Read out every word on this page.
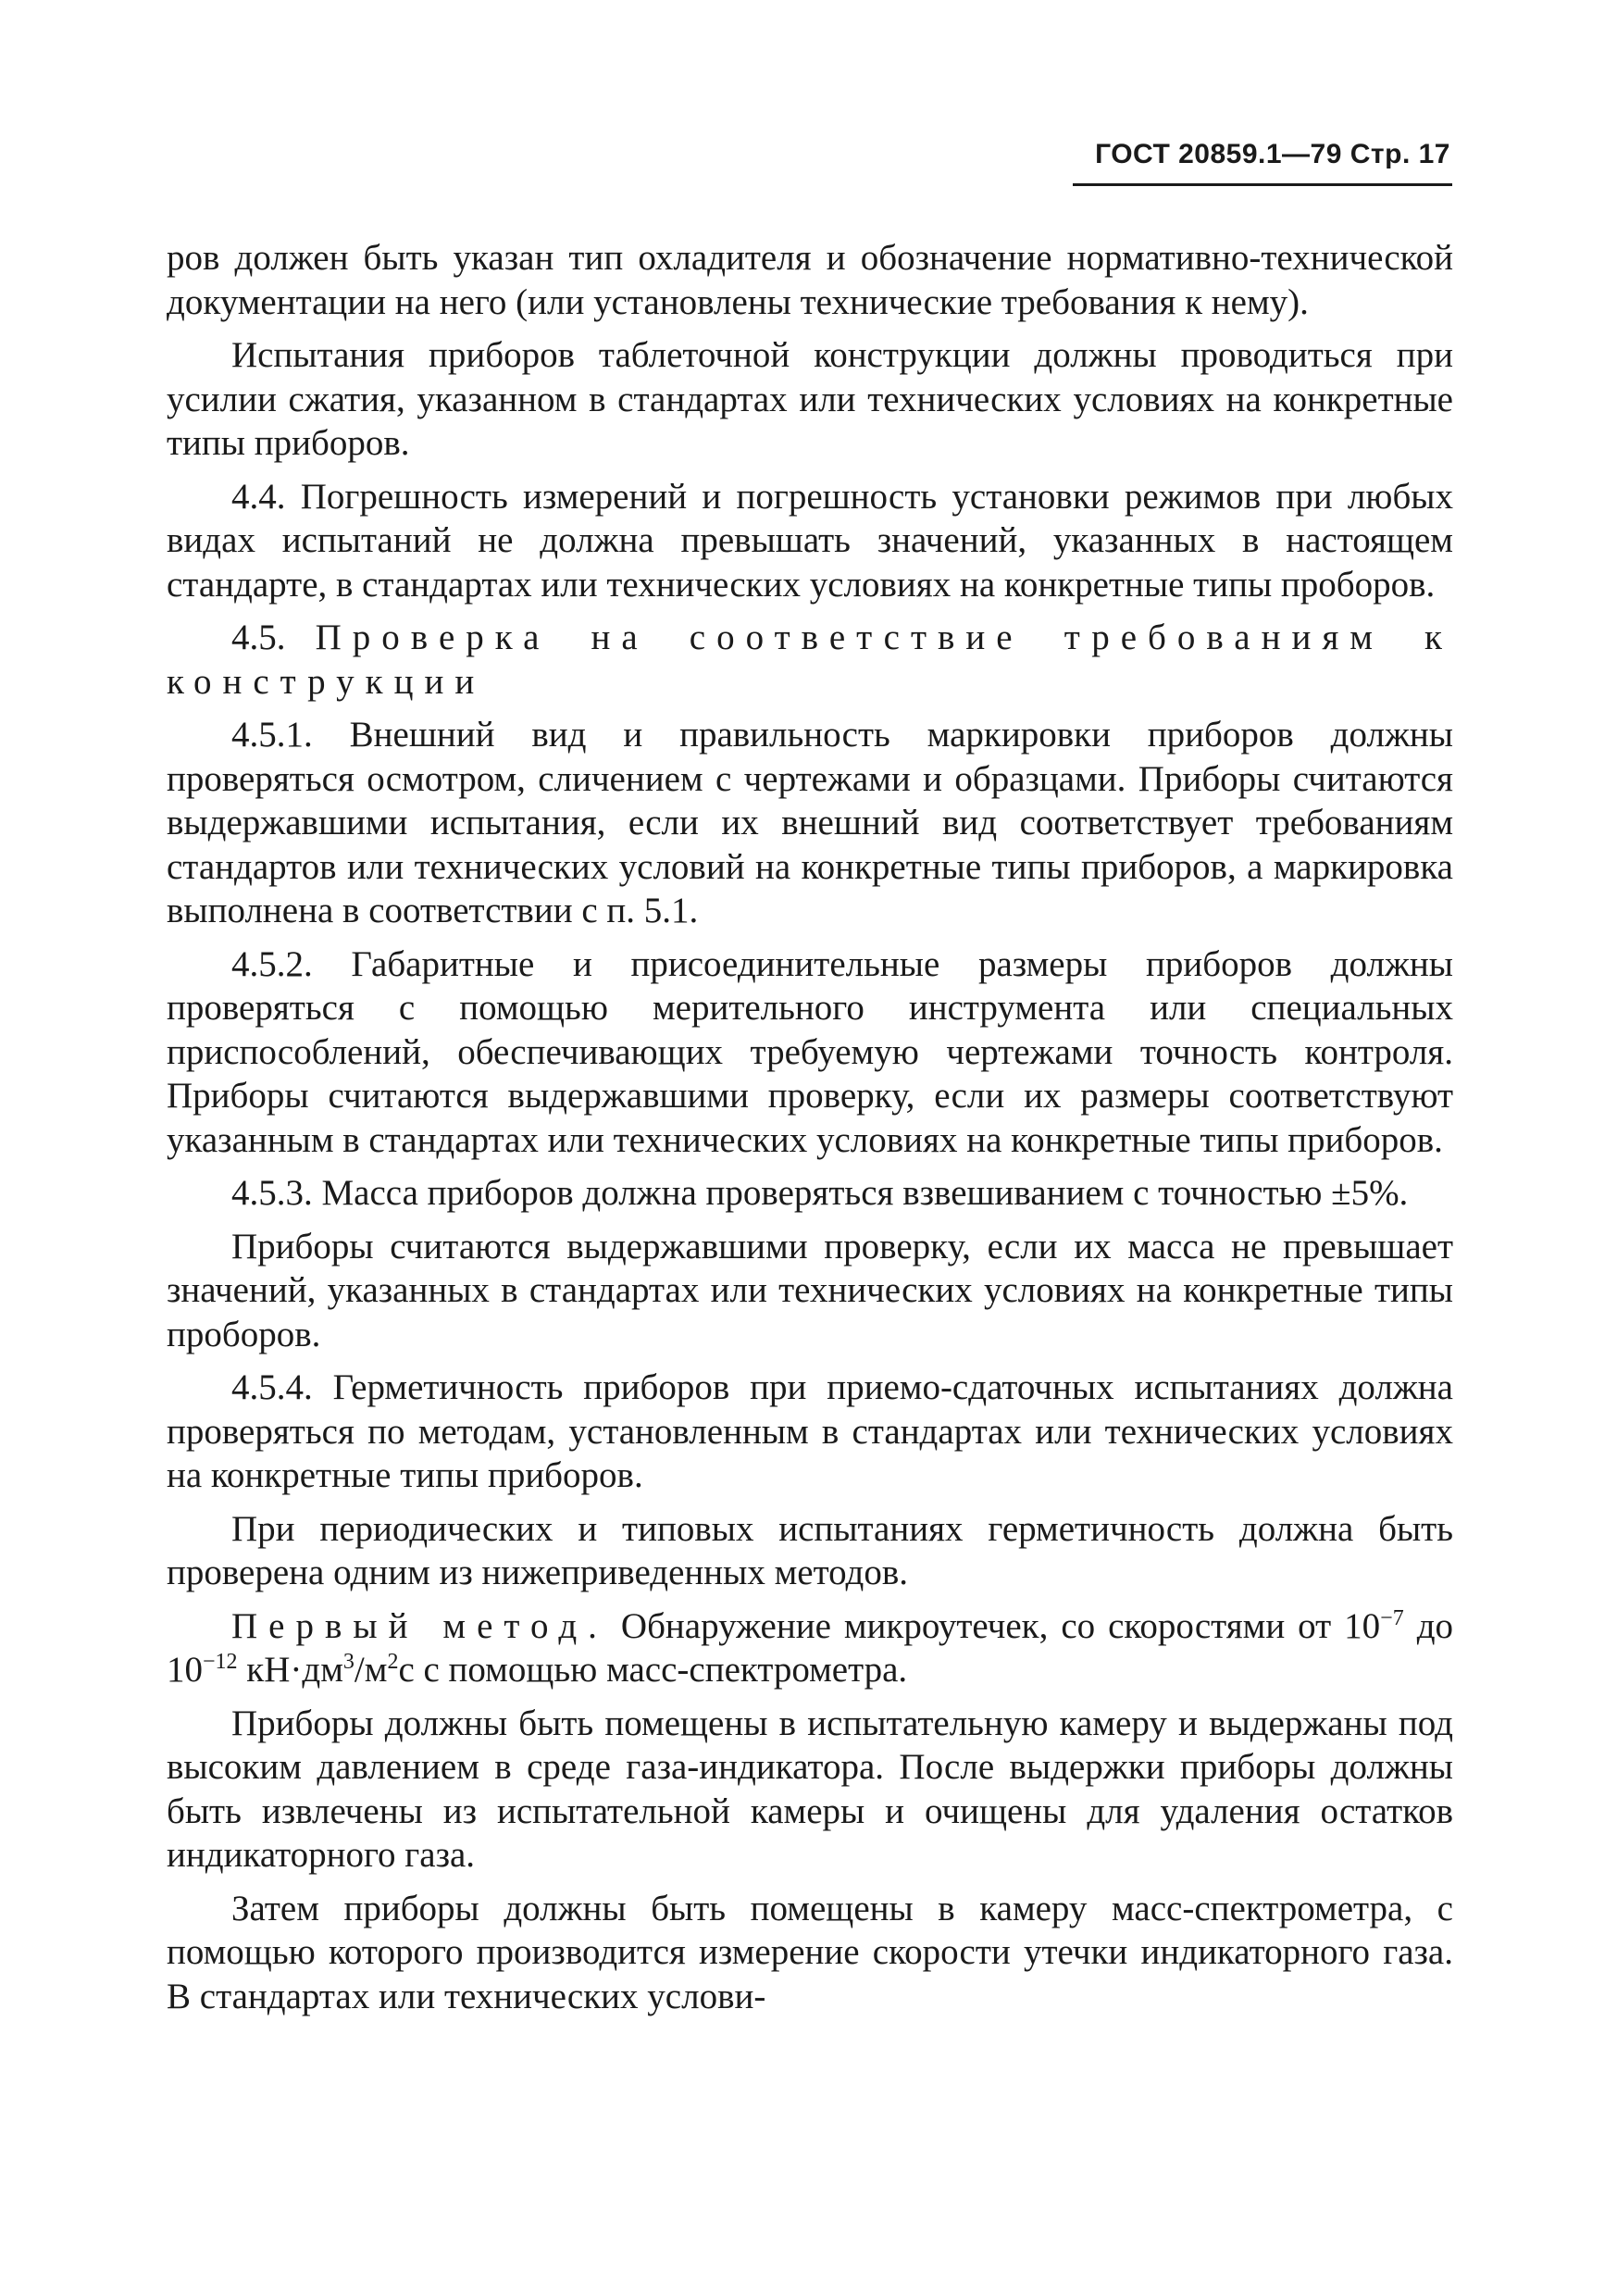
ГОСТ 20859.1—79 Стр. 17

ров должен быть указан тип охладителя и обозначение нормативно-технической документации на него (или установлены технические требования к нему).

Испытания приборов таблеточной конструкции должны проводиться при усилии сжатия, указанном в стандартах или технических условиях на конкретные типы приборов.

4.4. Погрешность измерений и погрешность установки режимов при любых видах испытаний не должна превышать значений, указанных в настоящем стандарте, в стандартах или технических условиях на конкретные типы проборов.

4.5. Проверка на соответствие требованиям к конструкции

4.5.1. Внешний вид и правильность маркировки приборов должны проверяться осмотром, сличением с чертежами и образцами. Приборы считаются выдержавшими испытания, если их внешний вид соответствует требованиям стандартов или технических условий на конкретные типы приборов, а маркировка выполнена в соответствии с п. 5.1.

4.5.2. Габаритные и присоединительные размеры приборов должны проверяться с помощью мерительного инструмента или специальных приспособлений, обеспечивающих требуемую чертежами точность контроля. Приборы считаются выдержавшими проверку, если их размеры соответствуют указанным в стандартах или технических условиях на конкретные типы приборов.

4.5.3. Масса приборов должна проверяться взвешиванием с точностью ±5%.

Приборы считаются выдержавшими проверку, если их масса не превышает значений, указанных в стандартах или технических условиях на конкретные типы проборов.

4.5.4. Герметичность приборов при приемо-сдаточных испытаниях должна проверяться по методам, установленным в стандартах или технических условиях на конкретные типы приборов.

При периодических и типовых испытаниях герметичность должна быть проверена одним из нижеприведенных методов.

Первый метод. Обнаружение микроутечек, со скоростями от $10^{-7}$ до $10^{-12}$ $кН\cdot дм^3/м^2с$ с помощью масс-спектрометра.

Приборы должны быть помещены в испытательную камеру и выдержаны под высоким давлением в среде газа-индикатора. После выдержки приборы должны быть извлечены из испытательной камеры и очищены для удаления остатков индикаторного газа.

Затем приборы должны быть помещены в камеру масс-спектрометра, с помощью которого производится измерение скорости утечки индикаторного газа. В стандартах или технических услови-
